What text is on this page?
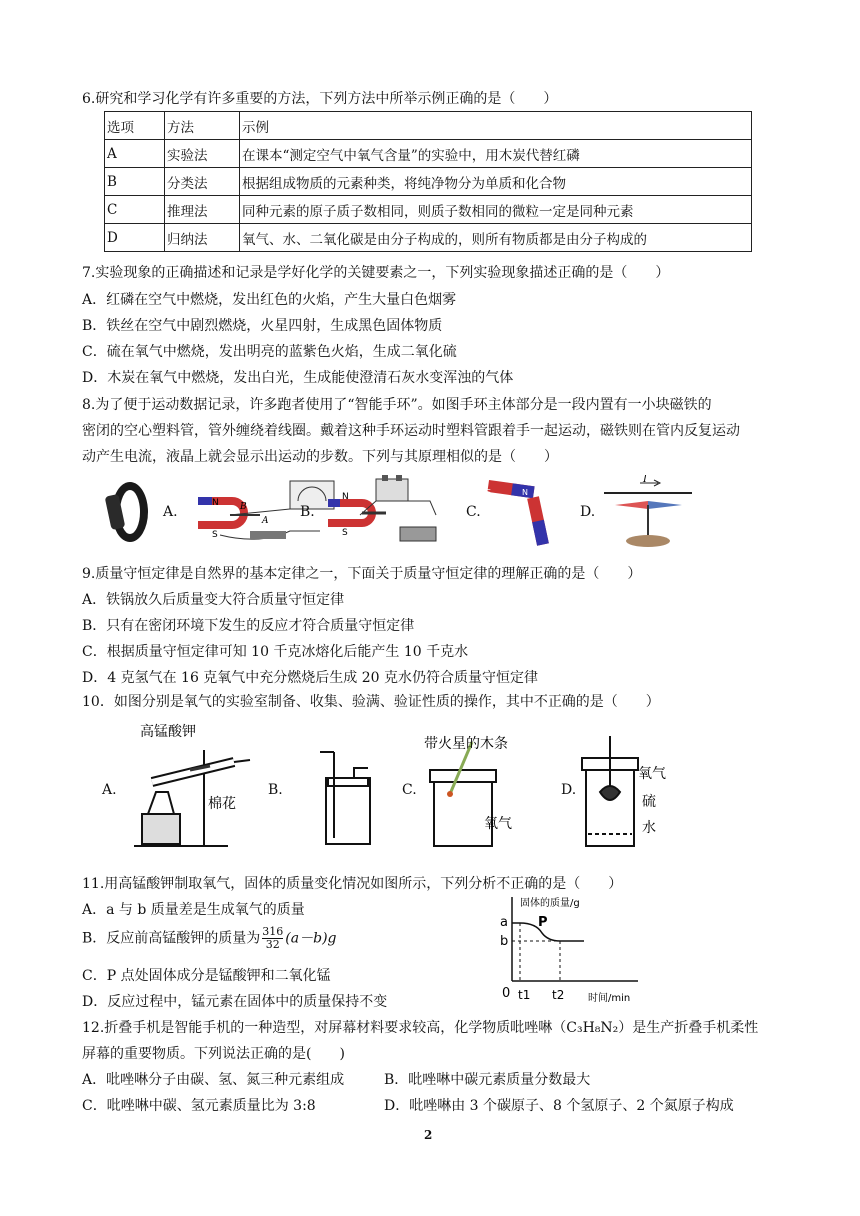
6.研究和学习化学有许多重要的方法，下列方法中所举示例正确的是（　　）
选项	方法	示例
A	实验法	在课本“测定空气中氧气含量”的实验中，用木炭代替红磷
B	分类法	根据组成物质的元素种类，将纯净物分为单质和化合物
C	推理法	同种元素的原子质子数相同，则质子数相同的微粒一定是同种元素
D	归纳法	氧气、水、二氧化碳是由分子构成的，则所有物质都是由分子构成的
7.实验现象的正确描述和记录是学好化学的关键要素之一，下列实验现象描述正确的是（　　）
A．红磷在空气中燃烧，发出红色的火焰，产生大量白色烟雾
B．铁丝在空气中剧烈燃烧，火星四射，生成黑色固体物质
C．硫在氧气中燃烧，发出明亮的蓝紫色火焰，生成二氧化硫
D．木炭在氧气中燃烧，发出白光，生成能使澄清石灰水变浑浊的气体
8.为了便于运动数据记录，许多跑者使用了“智能手环”。如图手环主体部分是一段内置有一小块磁铁的
密闭的空心塑料管，管外缠绕着线圈。戴着这种手环运动时塑料管跟着手一起运动，磁铁则在管内反复运动
动产生电流，液晶上就会显示出运动的步数。下列与其原理相似的是（　　）
N
S
B
A
N
S
S	N
I
A.	B.	C.	D.
9.质量守恒定律是自然界的基本定律之一，下面关于质量守恒定律的理解正确的是（　　）
A．铁锅放久后质量变大符合质量守恒定律
B．只有在密闭环境下发生的反应才符合质量守恒定律
C．根据质量守恒定律可知 10 千克冰熔化后能产生 10 千克水
D．4 克氢气在 16 克氧气中充分燃烧后生成 20 克水仍符合质量守恒定律
10．如图分别是氧气的实验室制备、收集、验满、验证性质的操作，其中不正确的是（　　）
高锰酸钾
棉花
带火星的木条
氧气
氧气
硫
水
A.	B.	C.	D.
11.用高锰酸钾制取氧气，固体的质量变化情况如图所示，下列分析不正确的是（　　）
A．a 与 b 质量差是生成氧气的质量
B．反应前高锰酸钾的质量为 $\frac{316}{32} (a-b)g$
C．P 点处固体成分是锰酸钾和二氧化锰
D．反应过程中，锰元素在固体中的质量保持不变
固体的质量/g
时间/min
a
b
0 t1 t2
P
12.折叠手机是智能手机的一种造型，对屏幕材料要求较高，化学物质吡唑啉（C₃H₈N₂）是生产折叠手机柔性
屏幕的重要物质。下列说法正确的是(　　)
A．吡唑啉分子由碳、氢、氮三种元素组成	B．吡唑啉中碳元素质量分数最大
C．吡唑啉中碳、氢元素质量比为 3:8	D．吡唑啉由 3 个碳原子、8 个氢原子、2 个氮原子构成
2
